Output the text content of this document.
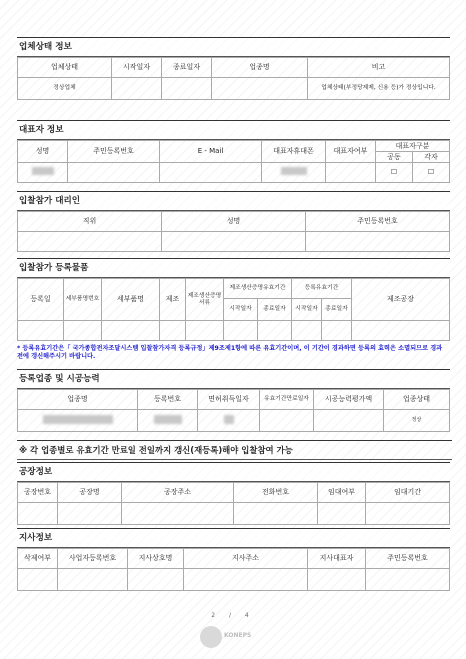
업체상태 정보
업체상태	시작일자	종료일자	업종명	비고
정상업체				업체상태(부정당제제, 신용 등)가 정상입니다.
대표자 정보
성명	주민등록번호	E - Mail	대표자휴대폰	대표자여부	대표자구분	
					공동	각자
					☐	☐
입찰참가 대리인
직위	성명	주민등록번호

입찰참가 등록물품
등록일	세부품명번호	세부품명	제조	제조생산증명서류	제조생산증명유효기간		등록유효기간		제조공장
					시작일자	종료일자	시작일자	종료일자	

* 등록유효기간은「 국가종합전자조달시스템 입찰참가자격 등록규정」제9조제1항에 따른 유효기간이며, 이 기간이 경과하면 등록의 효력은 소멸되므로 경과 전에 갱신해주시기 바랍니다.
등록업종 및 시공능력
업종명	등록번호	면허취득일자	유효기간만료일자	시공능력평가액	업종상태
					정상
※ 각 업종별로 유효기간 만료일 전일까지 갱신(재등록)해야 입찰참여 가능
공장정보
공장번호	공장명	공장주소	전화번호	임대여부	임대기간

지사정보
삭제여부	사업자등록번호	지사상호명	지사주소	지사대표자	주민등록번호

2 / 4
KONEPS
